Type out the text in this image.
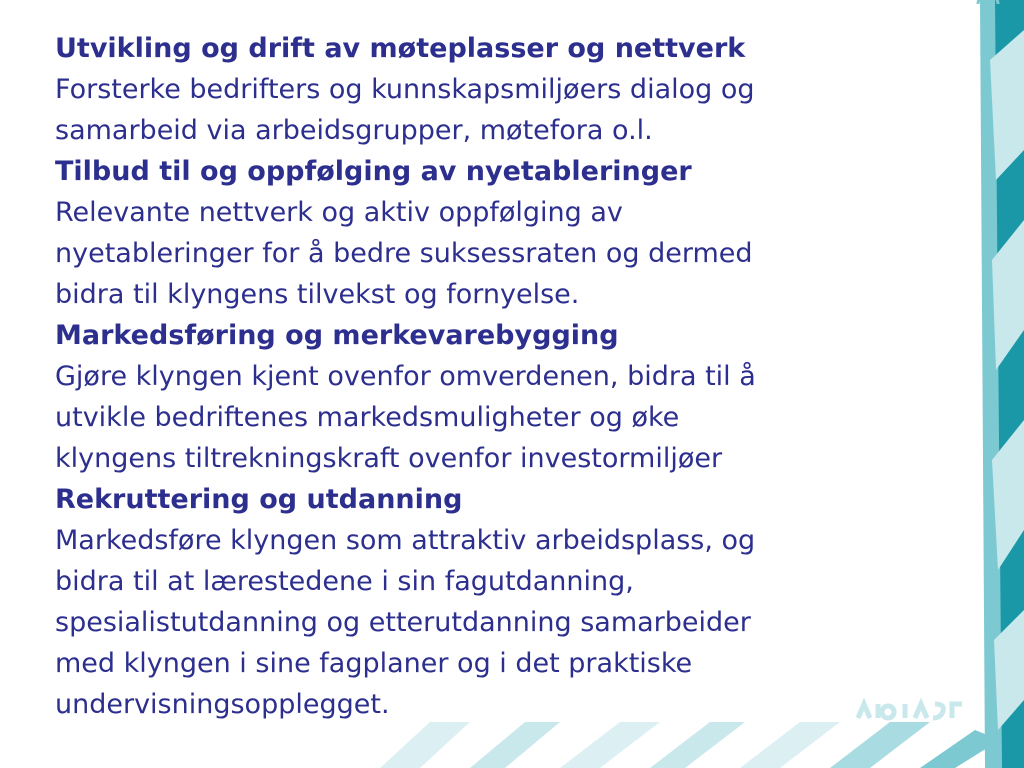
Utvikling og drift av møteplasser og nettverk

Forsterke bedrifters og kunnskapsmiljøers dialog og
samarbeid via arbeidsgrupper, møtefora o.l.

Tilbud til og oppfølging av nyetableringer

Relevante nettverk og aktiv oppfølging av
nyetableringer for å bedre suksessraten og dermed
bidra til klyngens tilvekst og fornyelse.

Markedsføring og merkevarebygging

Gjøre klyngen kjent ovenfor omverdenen, bidra til å
utvikle bedriftenes markedsmuligheter og øke
klyngens tiltrekningskraft ovenfor investormiljøer

Rekruttering og utdanning

Markedsføre klyngen som attraktiv arbeidsplass, og
bidra til at lærestedene i sin fagutdanning,
spesialistutdanning og etterutdanning samarbeider
med klyngen i sine fagplaner og i det praktiske
undervisningsopplegget.
